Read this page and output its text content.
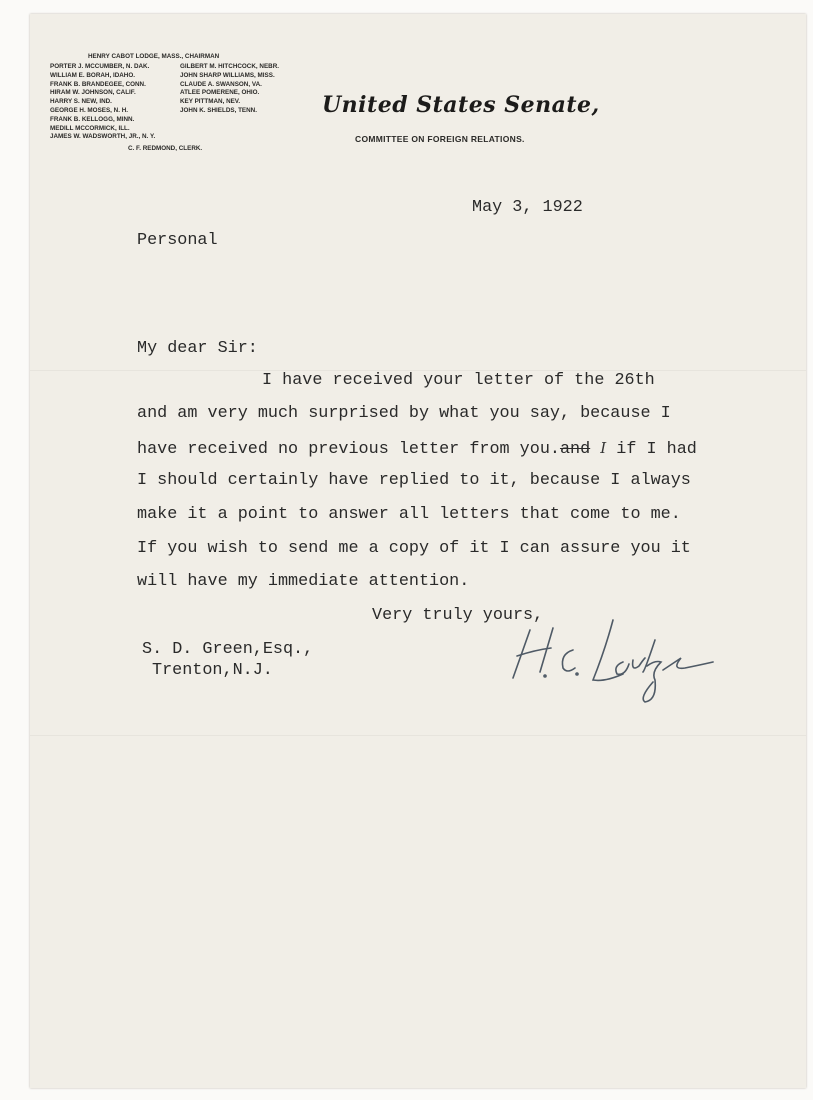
HENRY CABOT LODGE, MASS., CHAIRMAN
PORTER J. MCCUMBER, N. DAK.
WILLIAM E. BORAH, IDAHO.
FRANK B. BRANDEGEE, CONN.
HIRAM W. JOHNSON, CALIF.
HARRY S. NEW, IND.
GEORGE H. MOSES, N. H.
FRANK B. KELLOGG, MINN.
MEDILL MCCORMICK, ILL.
JAMES W. WADSWORTH, JR., N. Y.
GILBERT M. HITCHCOCK, NEBR.
JOHN SHARP WILLIAMS, MISS.
CLAUDE A. SWANSON, VA.
ATLEE POMERENE, OHIO.
KEY PITTMAN, NEV.
JOHN K. SHIELDS, TENN.
C. F. REDMOND, CLERK.
United States Senate,
COMMITTEE ON FOREIGN RELATIONS.
May 3, 1922
Personal
My dear Sir:
I have received your letter of the 26th
and am very much surprised by what you say, because I
have received no previous letter from you.and I if I had
I should certainly have replied to it, because I always
make it a point to answer all letters that come to me.
If you wish to send me a copy of it I can assure you it
will have my immediate attention.
Very truly yours,
S. D. Green,Esq.,
Trenton,N.J.
